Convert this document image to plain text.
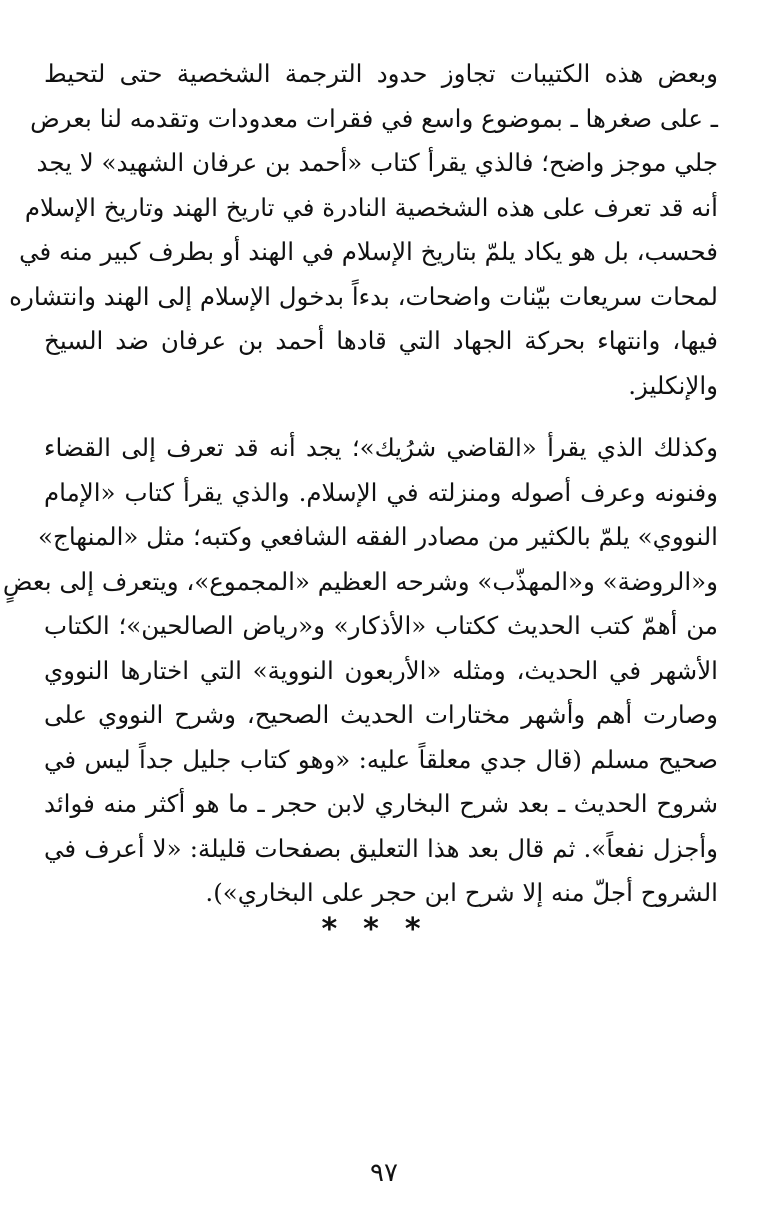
وبعض هذه الكتيبات تجاوز حدود الترجمة الشخصية حتى لتحيط
ـ على صغرها ـ بموضوع واسع في فقرات معدودات وتقدمه لنا بعرض
جلي موجز واضح؛ فالذي يقرأ كتاب «أحمد بن عرفان الشهيد» لا يجد
أنه قد تعرف على هذه الشخصية النادرة في تاريخ الهند وتاريخ الإسلام
فحسب، بل هو يكاد يلمّ بتاريخ الإسلام في الهند أو بطرف كبير منه في
لمحات سريعات بيّنات واضحات، بدءاً بدخول الإسلام إلى الهند وانتشاره
فيها، وانتهاء بحركة الجهاد التي قادها أحمد بن عرفان ضد السيخ
والإنكليز.

وكذلك الذي يقرأ «القاضي شرُيك»؛ يجد أنه قد تعرف إلى القضاء
وفنونه وعرف أصوله ومنزلته في الإسلام. والذي يقرأ كتاب «الإمام
النووي» يلمّ بالكثير من مصادر الفقه الشافعي وكتبه؛ مثل «المنهاج»
و«الروضة» و«المهذّب» وشرحه العظيم «المجموع»، ويتعرف إلى بعضٍ
من أهمّ كتب الحديث ككتاب «الأذكار» و«رياض الصالحين»؛ الكتاب
الأشهر في الحديث، ومثله «الأربعون النووية» التي اختارها النووي
وصارت أهم وأشهر مختارات الحديث الصحيح، وشرح النووي على
صحيح مسلم (قال جدي معلقاً عليه: «وهو كتاب جليل جداً ليس في
شروح الحديث ـ بعد شرح البخاري لابن حجر ـ ما هو أكثر منه فوائد
وأجزل نفعاً». ثم قال بعد هذا التعليق بصفحات قليلة: «لا أعرف في
الشروح أجلّ منه إلا شرح ابن حجر على البخاري»).

***
٩٧
